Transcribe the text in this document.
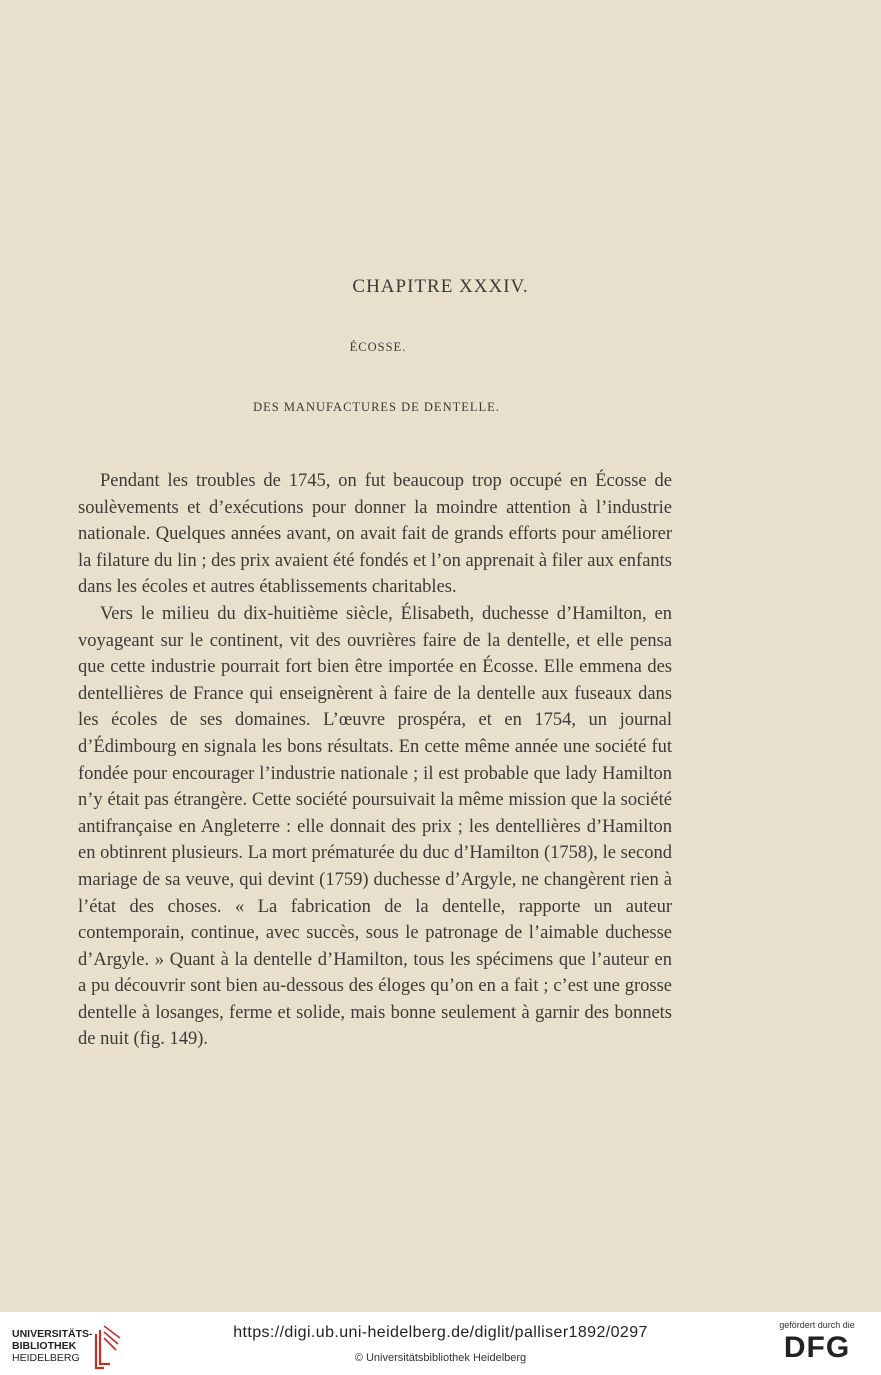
CHAPITRE XXXIV.
ÉCOSSE.
DES MANUFACTURES DE DENTELLE.

Pendant les troubles de 1745, on fut beaucoup trop occupé en Écosse de soulèvements et d’exécutions pour donner la moindre attention à l’industrie nationale. Quelques années avant, on avait fait de grands efforts pour améliorer la filature du lin ; des prix avaient été fondés et l’on apprenait à filer aux enfants dans les écoles et autres établissements charitables.

Vers le milieu du dix-huitième siècle, Élisabeth, duchesse d’Hamilton, en voyageant sur le continent, vit des ouvrières faire de la dentelle, et elle pensa que cette industrie pourrait fort bien être importée en Écosse. Elle emmena des dentellières de France qui enseignèrent à faire de la dentelle aux fuseaux dans les écoles de ses domaines. L’œuvre prospéra, et en 1754, un journal d’Édimbourg en signala les bons résultats. En cette même année une société fut fondée pour encourager l’industrie nationale ; il est probable que lady Hamilton n’y était pas étrangère. Cette société poursuivait la même mission que la société antifrançaise en Angleterre : elle donnait des prix ; les dentellières d’Hamilton en obtinrent plusieurs. La mort prématurée du duc d’Hamilton (1758), le second mariage de sa veuve, qui devint (1759) duchesse d’Argyle, ne changèrent rien à l’état des choses. « La fabrication de la dentelle, rapporte un auteur contemporain, continue, avec succès, sous le patronage de l’aimable duchesse d’Argyle. » Quant à la dentelle d’Hamilton, tous les spécimens que l’auteur en a pu découvrir sont bien au-dessous des éloges qu’on en a fait ; c’est une grosse dentelle à losanges, ferme et solide, mais bonne seulement à garnir des bonnets de nuit (fig. 149).

UNIVERSITÄTS-
BIBLIOTHEK
HEIDELBERG
https://digi.ub.uni-heidelberg.de/diglit/palliser1892/0297
© Universitätsbibliothek Heidelberg
gefördert durch die
DFG
